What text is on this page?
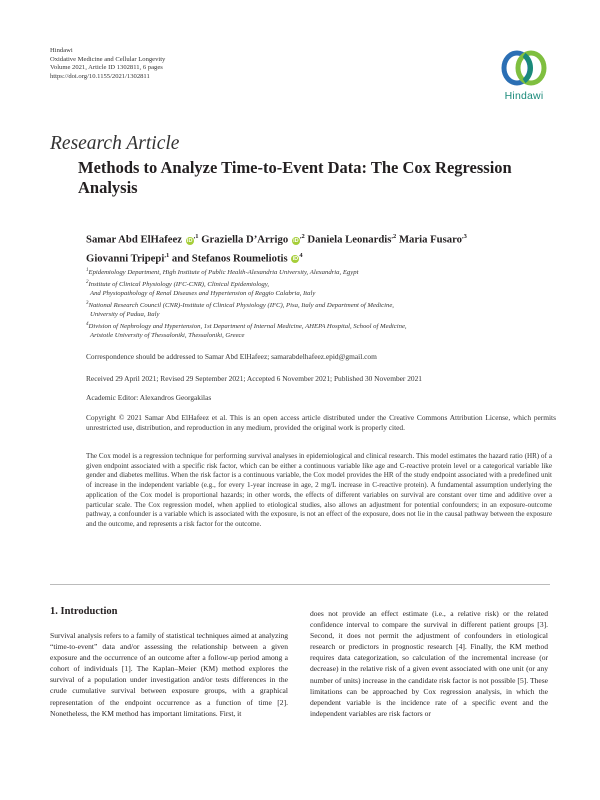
Hindawi
Oxidative Medicine and Cellular Longevity
Volume 2021, Article ID 1302811, 6 pages
https://doi.org/10.1155/2021/1302811
Hindawi
Research Article
Methods to Analyze Time-to-Event Data: The Cox Regression Analysis
Samar Abd ElHafeez $iD^{,1}$ Graziella D’Arrigo $iD^{,2}$ Daniela Leonardis$^{,2}$ Maria Fusaro$^{,3}$
Giovanni Tripepi$^{,1}$ and Stefanos Roumeliotis $iD^4$
$^1$Epidemiology Department, High Institute of Public Health-Alexandria University, Alexandria, Egypt
$^2$Institute of Clinical Physiology (IFC-CNR), Clinical Epidemiology,
And Physiopathology of Renal Diseases and Hypertension of Reggio Calabria, Italy
$^3$National Research Council (CNR)-Institute of Clinical Physiology (IFC), Pisa, Italy and Department of Medicine,
University of Padua, Italy
$^4$Division of Nephrology and Hypertension, 1st Department of Internal Medicine, AHEPA Hospital, School of Medicine,
Aristotle University of Thessaloniki, Thessaloniki, Greece
Correspondence should be addressed to Samar Abd ElHafeez; samarabdelhafeez.epid@gmail.com
Received 29 April 2021; Revised 29 September 2021; Accepted 6 November 2021; Published 30 November 2021
Academic Editor: Alexandros Georgakilas
Copyright © 2021 Samar Abd ElHafeez et al. This is an open access article distributed under the Creative Commons Attribution License, which permits unrestricted use, distribution, and reproduction in any medium, provided the original work is properly cited.
The Cox model is a regression technique for performing survival analyses in epidemiological and clinical research. This model estimates the hazard ratio (HR) of a given endpoint associated with a specific risk factor, which can be either a continuous variable like age and C-reactive protein level or a categorical variable like gender and diabetes mellitus. When the risk factor is a continuous variable, the Cox model provides the HR of the study endpoint associated with a predefined unit of increase in the independent variable (e.g., for every 1-year increase in age, 2 mg/L increase in C-reactive protein). A fundamental assumption underlying the application of the Cox model is proportional hazards; in other words, the effects of different variables on survival are constant over time and additive over a particular scale. The Cox regression model, when applied to etiological studies, also allows an adjustment for potential confounders; in an exposure-outcome pathway, a confounder is a variable which is associated with the exposure, is not an effect of the exposure, does not lie in the causal pathway between the exposure and the outcome, and represents a risk factor for the outcome.
1. Introduction
Survival analysis refers to a family of statistical techniques aimed at analyzing “time-to-event” data and/or assessing the relationship between a given exposure and the occurrence of an outcome after a follow-up period among a cohort of individuals [1]. The Kaplan–Meier (KM) method explores the survival of a population under investigation and/or tests differences in the crude cumulative survival between exposure groups, with a graphical representation of the endpoint occurrence as a function of time [2]. Nonetheless, the KM method has important limitations. First, it
does not provide an effect estimate (i.e., a relative risk) or the related confidence interval to compare the survival in different patient groups [3]. Second, it does not permit the adjustment of confounders in etiological research or predictors in prognostic research [4]. Finally, the KM method requires data categorization, so calculation of the incremental increase (or decrease) in the relative risk of a given event associated with one unit (or any number of units) increase in the candidate risk factor is not possible [5]. These limitations can be approached by Cox regression analysis, in which the dependent variable is the incidence rate of a specific event and the independent variables are risk factors or
